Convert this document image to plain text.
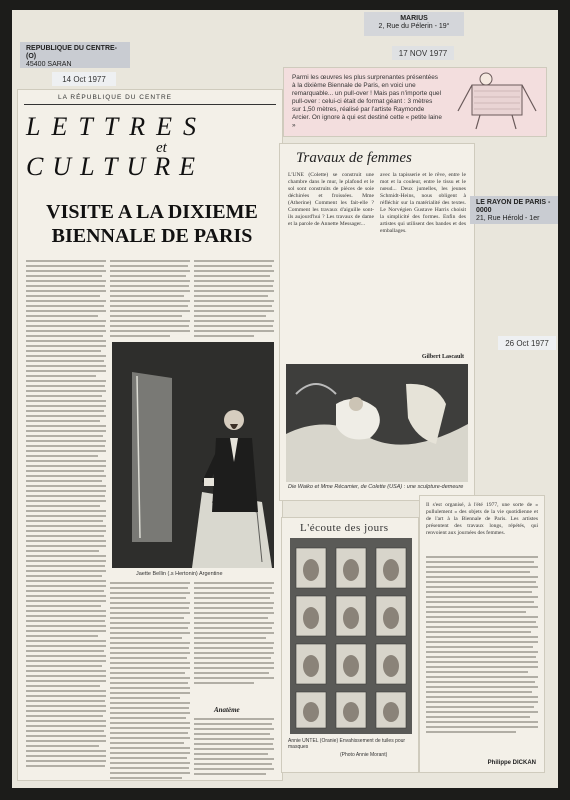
REPUBLIQUE DU CENTRE-(O)
45400 SARAN
14 Oct 1977
MARIUS
2, Rue du Pélerin - 19°
17 NOV 1977
Parmi les œuvres les plus surprenantes présentées à la dixième Biennale de Paris, en voici une remarquable... un pull-over ! Mais pas n'importe quel pull-over : celui-ci était de format géant : 3 mètres sur 1,50 mètres, réalisé par l'artiste Raymonde Arcier. On ignore à qui est destiné cette « petite laine »
LA RÉPUBLIQUE DU CENTRE
LETTRES
et
CULTURE
VISITE A LA DIXIEME
BIENNALE DE PARIS
Jaette Bellin (.s Hertonin) Argentine
Anatème
Travaux de femmes
L'UNE (Colette) se construit une chambre dans le mur, le plafond et le sol sont construits de pièces de soie déchirées et froissées. Mme (Atherine) Comment les fait-elle ? Comment les travaux d'aiguille sont-ils aujourd'hui ? Les travaux de dame et la parole de Annette Messager...
avec la tapisserie et le rêve, entre le mot et la couleur, entre le tissu et le nœud... Deux jumelles, les jeunes Schmidt-Heins, nous obligent à réfléchir sur la matérialité des textes. Le Norvégien Gustave Harris choisit la simplicité des formes. Enfin des artistes qui utilisent des bandes et des emballages.
Gilbert Lascault
Die Waiko et Mme Récamier, de Colette (USA) : une sculpture-demeure
LE RAYON DE PARIS - 0000
21, Rue Hérold - 1er
26 Oct 1977
L'écoute des jours
Annie UNTEL (Oranie) Envahissement de tuiles pour masques
(Photo Annie Morant)
Il s'est organisé, à l'été 1977, une sorte de « pullulement » des objets de la vie quotidienne et de l'art à la Biennale de Paris. Les artistes présentent des travaux longs, répétés, qui renvoient aux journées des femmes.
Philippe DICKAN
